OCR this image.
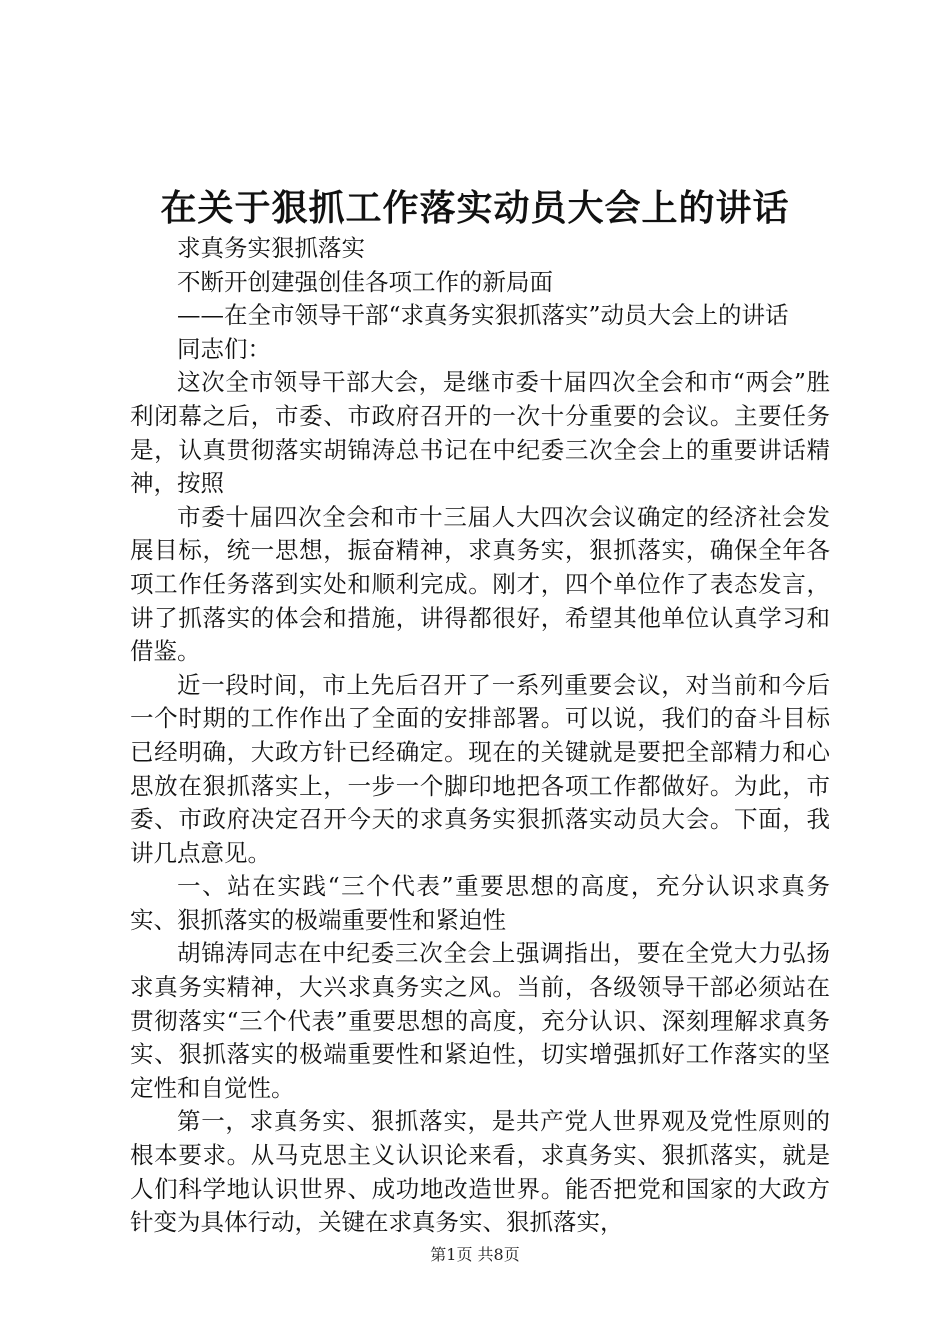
在关于狠抓工作落实动员大会上的讲话

求真务实狠抓落实

不断开创建强创佳各项工作的新局面

——在全市领导干部“求真务实狠抓落实”动员大会上的讲话

同志们：

这次全市领导干部大会，是继市委十届四次全会和市“两会”胜利闭幕之后，市委、市政府召开的一次十分重要的会议。主要任务是，认真贯彻落实胡锦涛总书记在中纪委三次全会上的重要讲话精神，按照

市委十届四次全会和市十三届人大四次会议确定的经济社会发展目标，统一思想，振奋精神，求真务实，狠抓落实，确保全年各项工作任务落到实处和顺利完成。刚才，四个单位作了表态发言，讲了抓落实的体会和措施，讲得都很好，希望其他单位认真学习和借鉴。

近一段时间，市上先后召开了一系列重要会议，对当前和今后一个时期的工作作出了全面的安排部署。可以说，我们的奋斗目标已经明确，大政方针已经确定。现在的关键就是要把全部精力和心思放在狠抓落实上，一步一个脚印地把各项工作都做好。为此，市委、市政府决定召开今天的求真务实狠抓落实动员大会。下面，我讲几点意见。

一、站在实践“三个代表”重要思想的高度，充分认识求真务实、狠抓落实的极端重要性和紧迫性

胡锦涛同志在中纪委三次全会上强调指出，要在全党大力弘扬求真务实精神，大兴求真务实之风。当前，各级领导干部必须站在贯彻落实“三个代表”重要思想的高度，充分认识、深刻理解求真务实、狠抓落实的极端重要性和紧迫性，切实增强抓好工作落实的坚定性和自觉性。

第一，求真务实、狠抓落实，是共产党人世界观及党性原则的根本要求。从马克思主义认识论来看，求真务实、狠抓落实，就是人们科学地认识世界、成功地改造世界。能否把党和国家的大政方针变为具体行动，关键在求真务实、狠抓落实，

第1页 共8页
